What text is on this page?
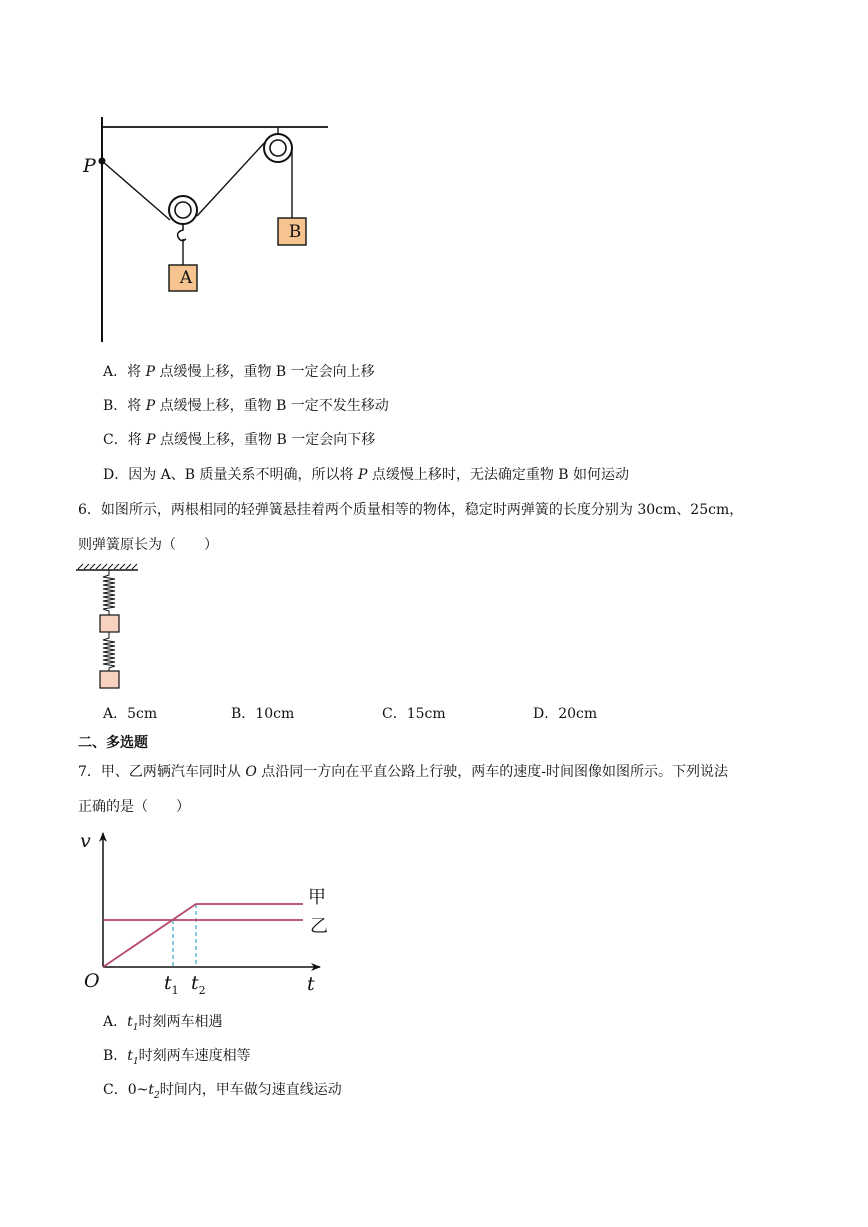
P
A
B
A．将 P 点缓慢上移，重物 B 一定会向上移
B．将 P 点缓慢上移，重物 B 一定不发生移动
C．将 P 点缓慢上移，重物 B 一定会向下移
D．因为 A、B 质量关系不明确，所以将 P 点缓慢上移时，无法确定重物 B 如何运动
6．如图所示，两根相同的轻弹簧悬挂着两个质量相等的物体，稳定时两弹簧的长度分别为 30cm、25cm，
则弹簧原长为（　　）
A．5cm	B．10cm	C．15cm	D．20cm
二、多选题
7．甲、乙两辆汽车同时从 O 点沿同一方向在平直公路上行驶，两车的速度-时间图像如图所示。下列说法
正确的是（　　）
v
O	t
甲
乙
$t_1$ $t_2$
A．$t_1$时刻两车相遇
B．$t_1$时刻两车速度相等
C．$0\sim t_2$时间内，甲车做匀速直线运动
